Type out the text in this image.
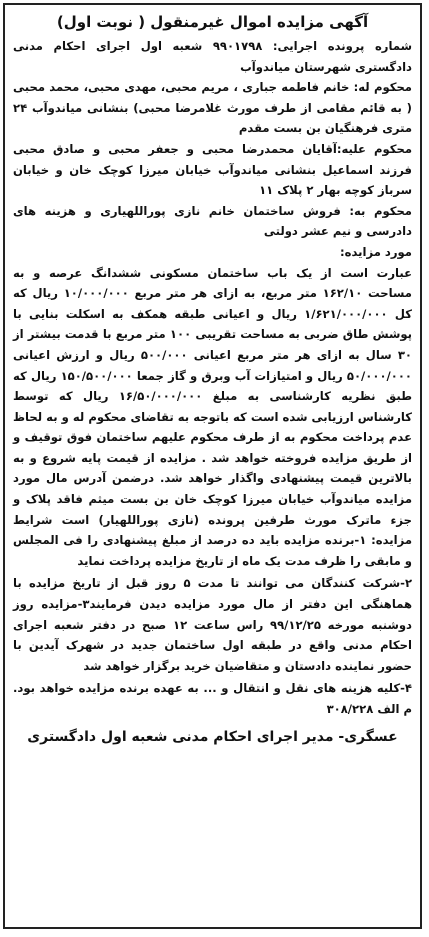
آگهی مزایده اموال غیرمنقول ( نوبت اول)

شماره پرونده اجرایی: ۹۹۰۱۷۹۸ شعبه اول اجرای احکام مدنی دادگستری شهرستان میاندوآب

محکوم له: خانم فاطمه جباری ، مریم محبی، مهدی محبی، محمد محبی ( به قائم مقامی از طرف مورث غلامرضا محبی) بنشانی میاندوآب ۲۴ متری فرهنگیان بن بست مقدم

محکوم علیه:آقایان محمدرضا محبی و جعفر محبی و صادق محبی فرزند اسماعیل بنشانی میاندوآب خیابان میرزا کوچک خان و خیابان سرباز کوچه بهار ۲ پلاک ۱۱

محکوم به: فروش ساختمان خانم نازی پوراللهیاری و هزینه های دادرسی و نیم عشر دولتی

مورد مزایده:

عبارت است از یک باب ساختمان مسکونی ششدانگ عرصه و به مساحت ۱۶۲/۱۰ متر مربع، به ازای هر متر مربع ۱۰/۰۰۰/۰۰۰ ریال که کل ۱/۶۲۱/۰۰۰/۰۰۰ ریال و اعیانی طبقه همکف به اسکلت بنایی با پوشش طاق ضربی به مساحت تقریبی ۱۰۰ متر مربع با قدمت بیشتر از ۳۰ سال به ازای هر متر مربع اعیانی ۵۰۰/۰۰۰ ریال و ارزش اعیانی ۵۰/۰۰۰/۰۰۰ ریال و امتیازات آب وبرق و گاز جمعا ۱۵۰/۵۰۰/۰۰۰ ریال که طبق نظریه کارشناسی به مبلغ ۱۶/۵۰/۰۰۰/۰۰۰ ریال که توسط کارشناس ارزیابی شده است که باتوجه به تقاضای محکوم له و به لحاظ عدم پرداخت محکوم به از طرف محکوم علیهم ساختمان فوق توقیف و از طریق مزایده فروخته خواهد شد . مزایده از قیمت پایه شروع و به بالاترین قیمت پیشنهادی واگذار خواهد شد. درضمن آدرس مال مورد مزایده میاندوآب خیابان میرزا کوچک خان بن بست میثم فاقد پلاک و جزء ماترک مورث طرفین پرونده (نازی پوراللهیار) است شرایط مزایده: ۱-برنده مزایده باید ده درصد از مبلغ پیشنهادی را فی المجلس و مابقی را ظرف مدت یک ماه از تاریخ مزایده پرداخت نماید

۲-شرکت کنندگان می توانند تا مدت ۵ روز قبل از تاریخ مزایده با هماهنگی این دفتر از مال مورد مزایده دیدن فرمایند۳-مزایده روز دوشنبه مورخه ۹۹/۱۲/۲۵ راس ساعت ۱۲ صبح در دفتر شعبه اجرای احکام مدنی واقع در طبقه اول ساختمان جدید در شهرک آیدین با حضور نماینده دادستان و متقاضیان خرید برگزار خواهد شد

۴-کلیه هزینه های نقل و انتقال و ... به عهده برنده مزایده خواهد بود. م الف ۳۰۸/۲۲۸

عسگری- مدیر اجرای احکام مدنی شعبه اول دادگستری
